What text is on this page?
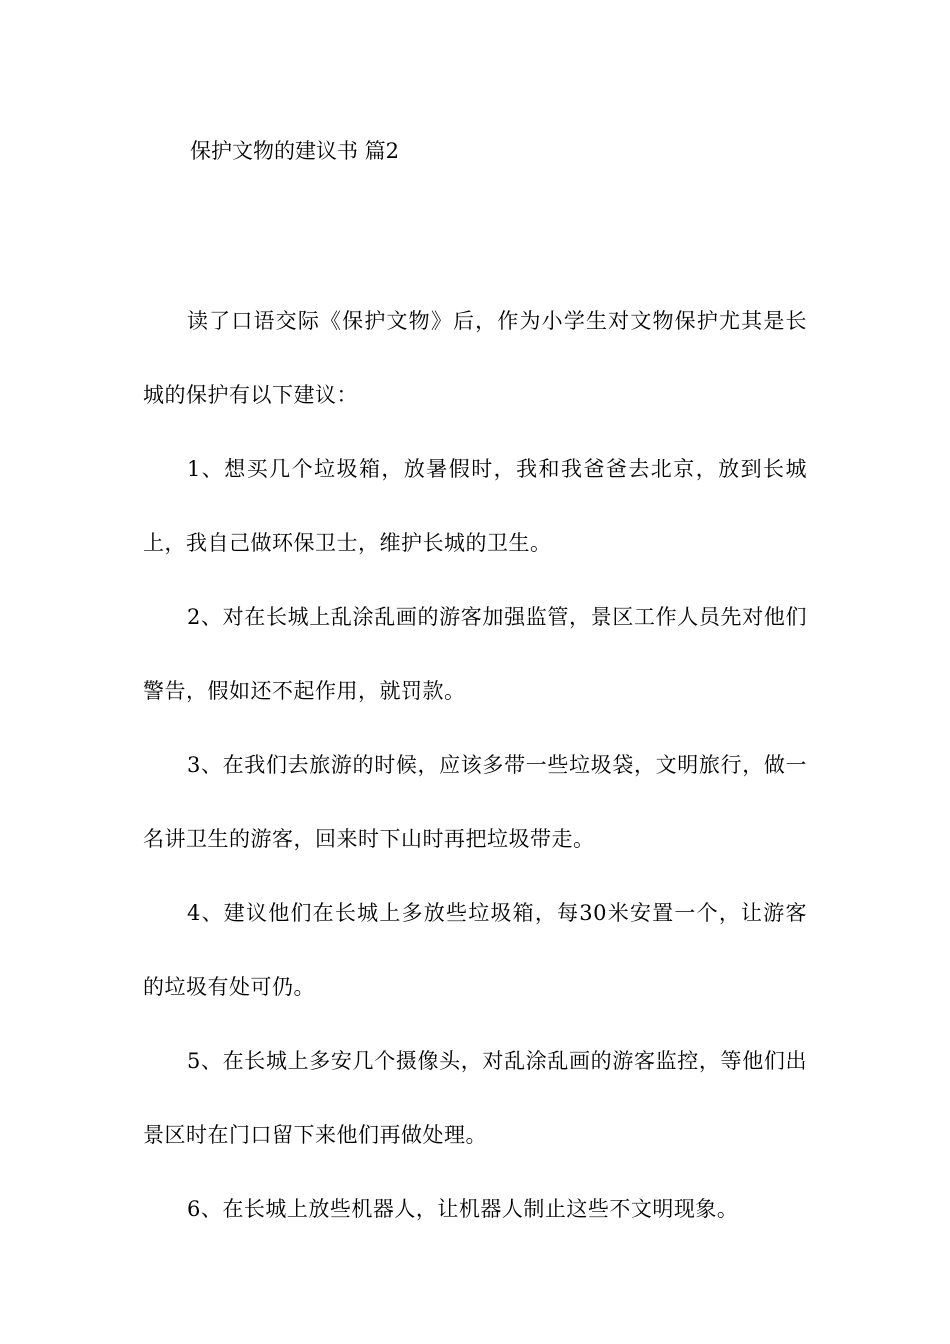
保护文物的建议书 篇2

读了口语交际《保护文物》后，作为小学生对文物保护尤其是长城的保护有以下建议：

1、想买几个垃圾箱，放暑假时，我和我爸爸去北京，放到长城上，我自己做环保卫士，维护长城的卫生。

2、对在长城上乱涂乱画的游客加强监管，景区工作人员先对他们警告，假如还不起作用，就罚款。

3、在我们去旅游的时候，应该多带一些垃圾袋，文明旅行，做一名讲卫生的游客，回来时下山时再把垃圾带走。

4、建议他们在长城上多放些垃圾箱，每30米安置一个，让游客的垃圾有处可仍。

5、在长城上多安几个摄像头，对乱涂乱画的游客监控，等他们出景区时在门口留下来他们再做处理。

6、在长城上放些机器人，让机器人制止这些不文明现象。
